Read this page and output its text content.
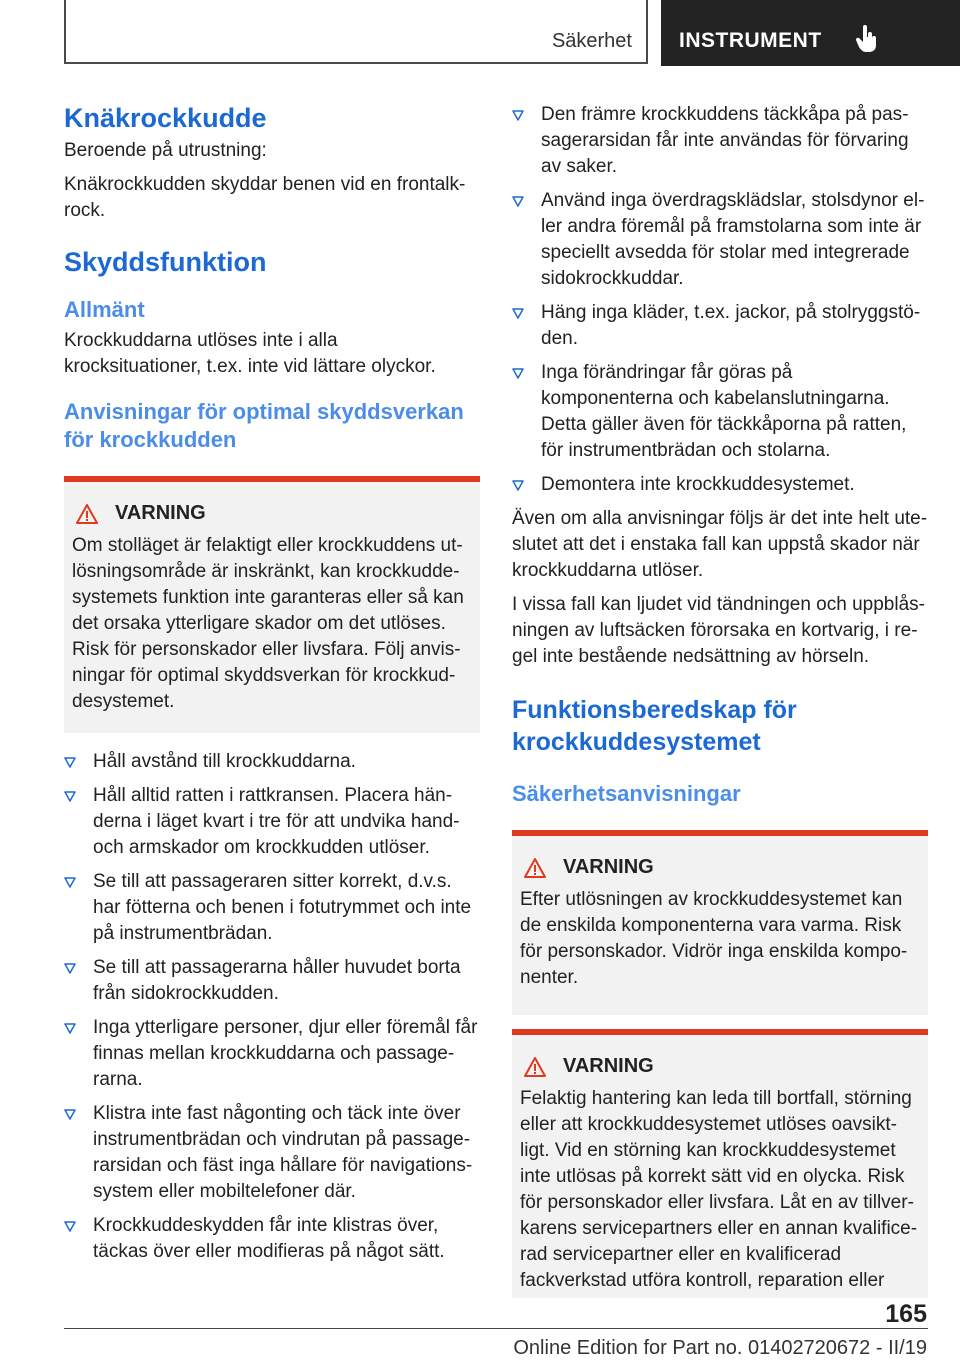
Säkerhet INSTRUMENT
Knäkrockkudde

Beroende på utrustning:

Knäkrockkudden skyddar benen vid en frontalkrock.

Skyddsfunktion
Allmänt

Krockkuddarna utlöses inte i alla krocksituationer, t.ex. inte vid lättare olyckor.

Anvisningar för optimal skyddsverkan för krockkudden
VARNING

Om stolläget är felaktigt eller krockkuddens utlösningsområde är inskränkt, kan krockkuddesystemets funktion inte garanteras eller så kan det orsaka ytterligare skador om det utlöses. Risk för personskador eller livsfara. Följ anvisningar för optimal skyddsverkan för krockkuddesystemet.

Håll avstånd till krockkuddarna.
Håll alltid ratten i rattkransen. Placera händerna i läget kvart i tre för att undvika hand- och armskador om krockkudden utlöser.
Se till att passageraren sitter korrekt, d.v.s. har fötterna och benen i fotutrymmet och inte på instrumentbrädan.
Se till att passagerarna håller huvudet borta från sidokrockkudden.
Inga ytterligare personer, djur eller föremål får finnas mellan krockkuddarna och passagerarna.
Klistra inte fast någonting och täck inte över instrumentbrädan och vindrutan på passagerarsidan och fäst inga hållare för navigationssystem eller mobiltelefoner där.
Krockkuddeskydden får inte klistras över, täckas över eller modifieras på något sätt.
Den främre krockkuddens täckkåpa på passagerarsidan får inte användas för förvaring av saker.
Använd inga överdragsklädslar, stolsdynor eller andra föremål på framstolarna som inte är speciellt avsedda för stolar med integrerade sidokrockkuddar.
Häng inga kläder, t.ex. jackor, på stolryggstöden.
Inga förändringar får göras på komponenterna och kabelanslutningarna. Detta gäller även för täckkåporna på ratten, för instrumentbrädan och stolarna.
Demontera inte krockkuddesystemet.

Även om alla anvisningar följs är det inte helt uteslutet att det i enstaka fall kan uppstå skador när krockkuddarna utlöser.

I vissa fall kan ljudet vid tändningen och uppblåsningen av luftsäcken förorsaka en kortvarig, i regel inte bestående nedsättning av hörseln.

Funktionsberedskap för krockkuddesystemet
Säkerhetsanvisningar
VARNING

Efter utlösningen av krockkuddesystemet kan de enskilda komponenterna vara varma. Risk för personskador. Vidrör inga enskilda komponenter.

VARNING

Felaktig hantering kan leda till bortfall, störning eller att krockkuddesystemet utlöses oavsiktligt. Vid en störning kan krockkuddesystemet inte utlösas på korrekt sätt vid en olycka. Risk för personskador eller livsfara. Låt en av tillverkarens servicepartners eller en annan kvalificerad servicepartner eller en kvalificerad fackverkstad utföra kontroll, reparation eller

165
Online Edition for Part no. 01402720672 - II/19
